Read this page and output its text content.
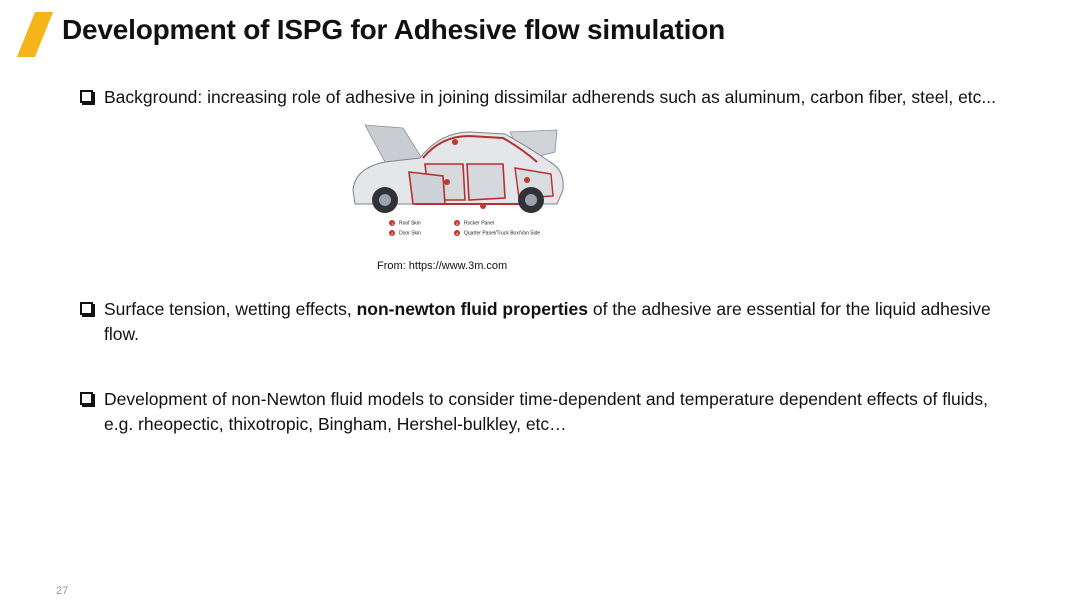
Development of ISPG for Adhesive flow simulation
Background: increasing role of adhesive in joining dissimilar adherends such as aluminum, carbon fiber, steel, etc...
1 Roof Skin
2 Door Skin
3 Rocker Panel
4 Quarter Panel/Truck Box/Van Side
From: https://www.3m.com
Surface tension, wetting effects, non-newton fluid properties of the adhesive are essential for the liquid adhesive flow.
Development of non-Newton fluid models to consider time-dependent and temperature dependent effects of fluids, e.g. rheopectic, thixotropic, Bingham, Hershel-bulkley, etc…
27
